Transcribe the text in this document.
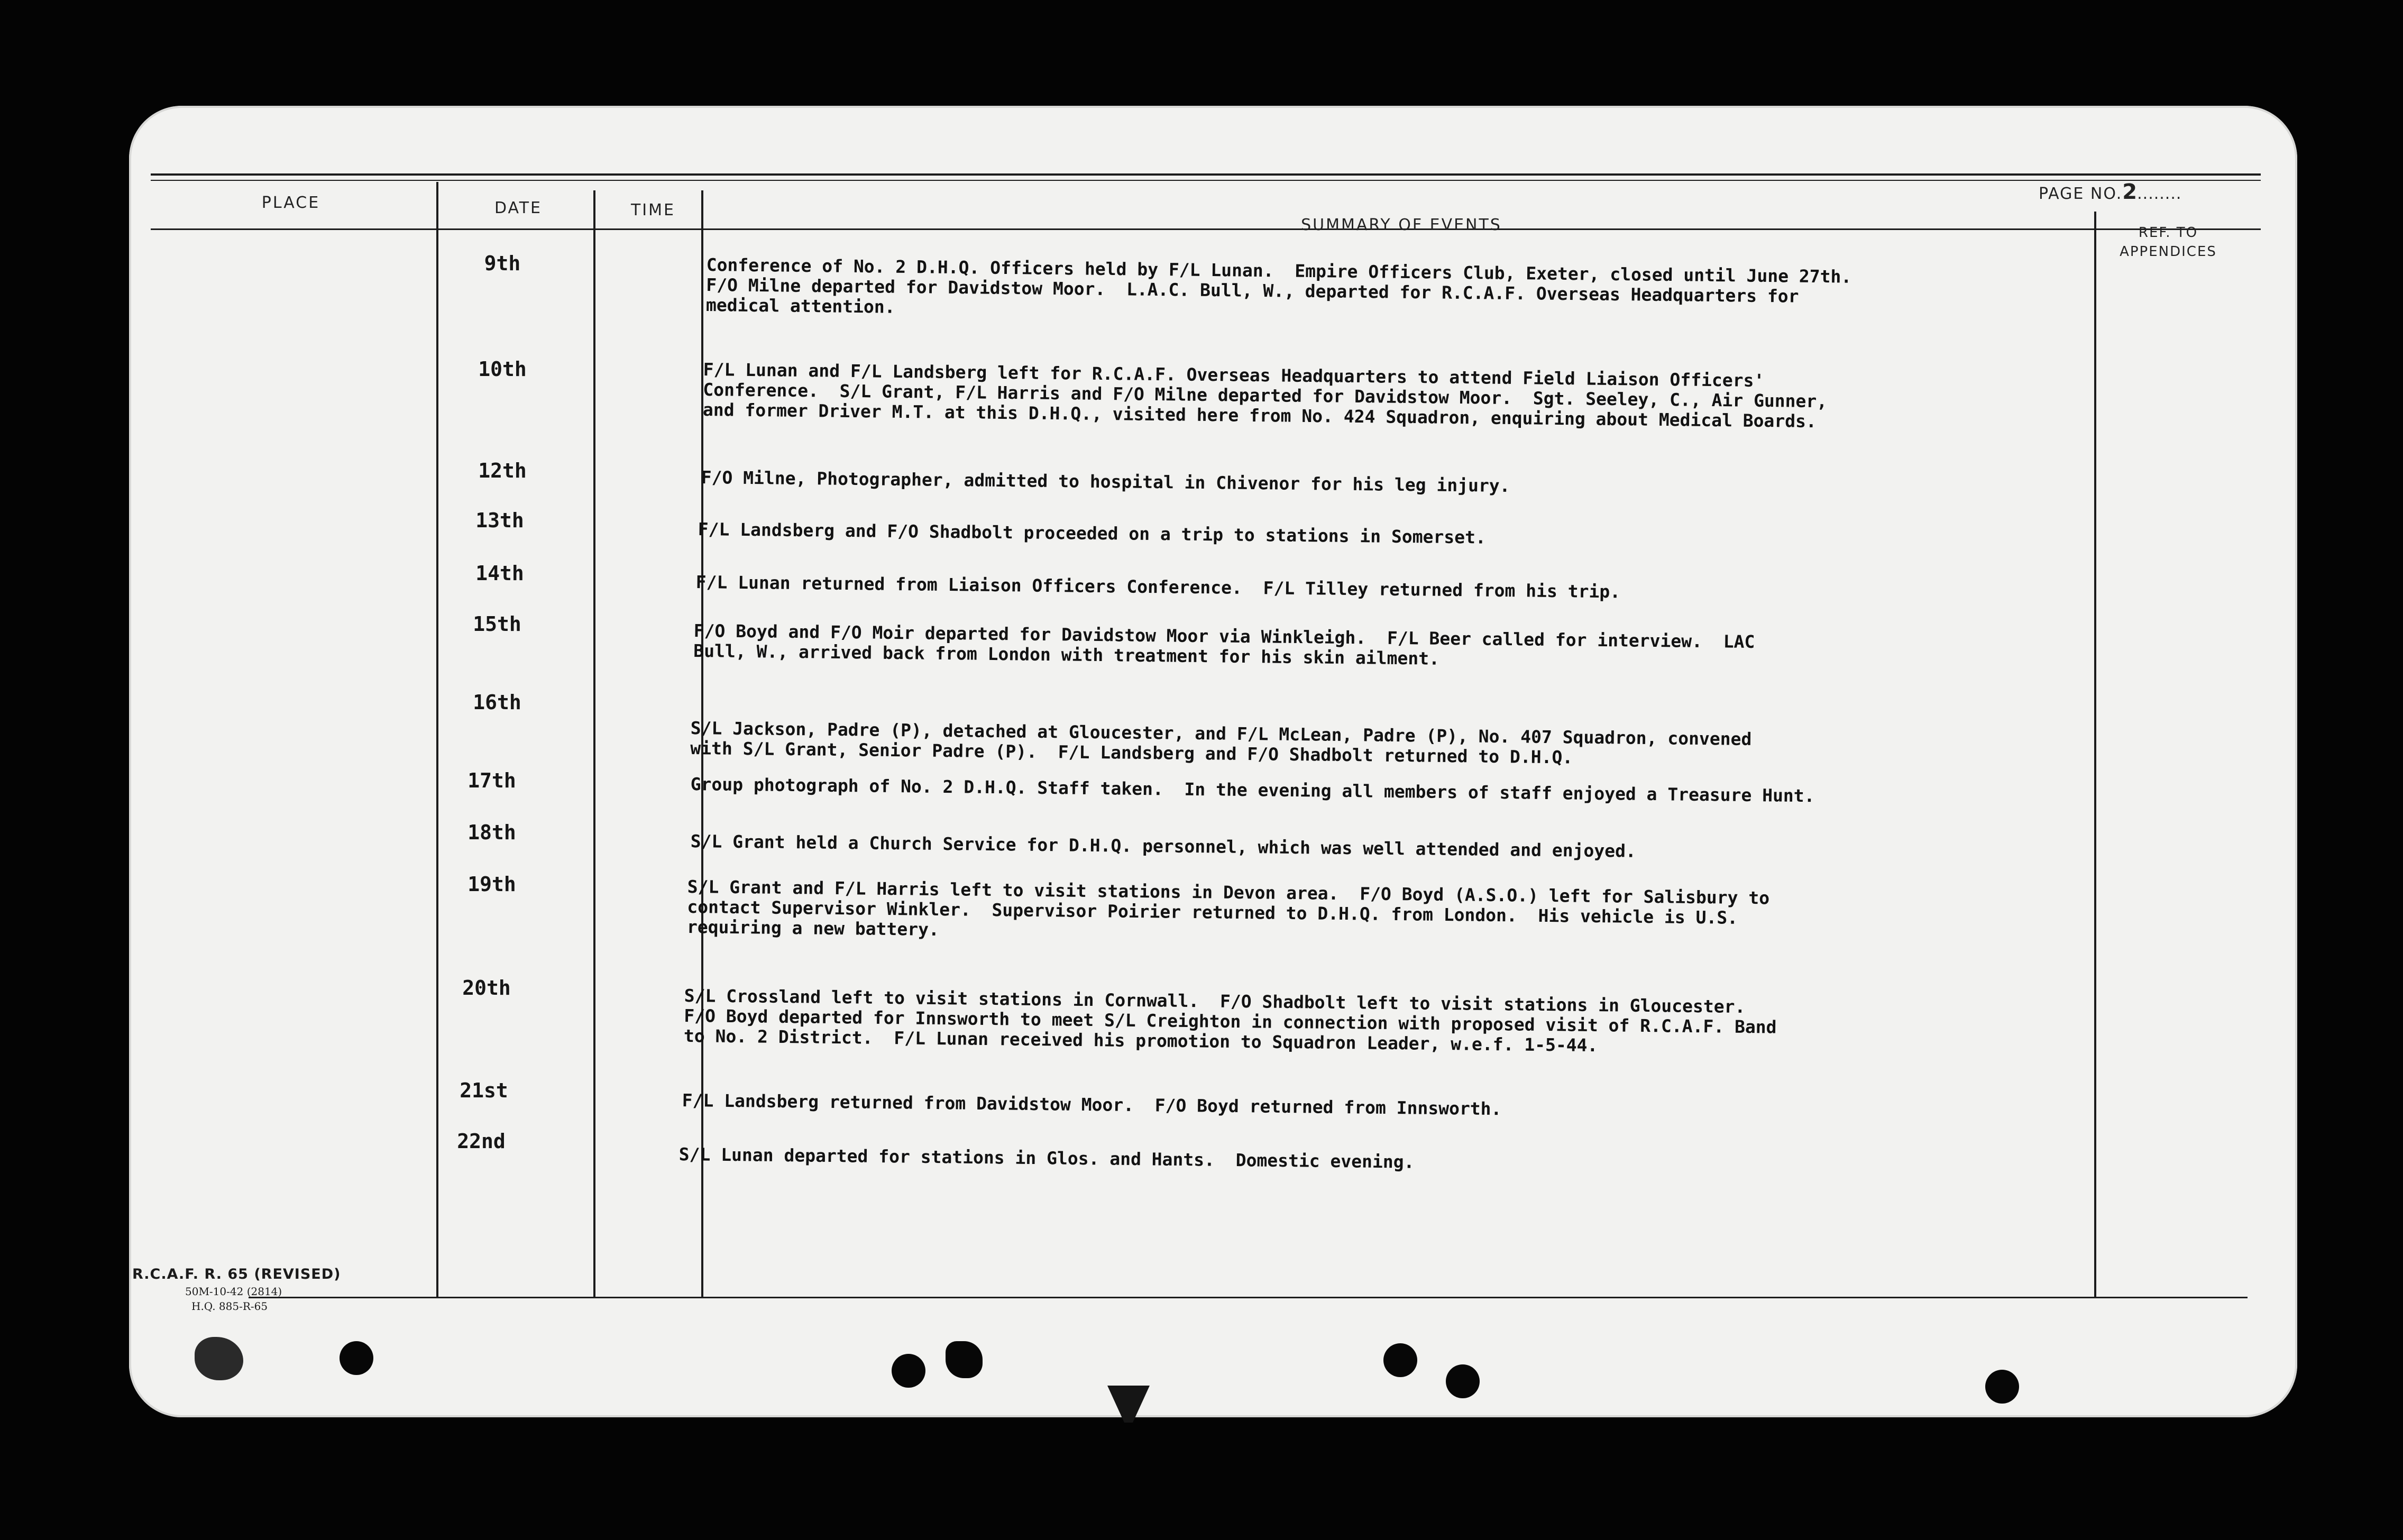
PLACE	DATE	TIME
SUMMARY OF EVENTS
PAGE NO.2........
REF. TO APPENDICES
9th
10th
12th
13th
14th
15th
16th
17th
18th
19th
20th
21st
22nd
Conference of No. 2 D.H.Q. Officers held by F/L Lunan.  Empire Officers Club, Exeter, closed until June 27th.
F/O Milne departed for Davidstow Moor.  L.A.C. Bull, W., departed for R.C.A.F. Overseas Headquarters for
medical attention.
F/L Lunan and F/L Landsberg left for R.C.A.F. Overseas Headquarters to attend Field Liaison Officers'
Conference.  S/L Grant, F/L Harris and F/O Milne departed for Davidstow Moor.  Sgt. Seeley, C., Air Gunner,
and former Driver M.T. at this D.H.Q., visited here from No. 424 Squadron, enquiring about Medical Boards.
F/O Milne, Photographer, admitted to hospital in Chivenor for his leg injury.
F/L Landsberg and F/O Shadbolt proceeded on a trip to stations in Somerset.
F/L Lunan returned from Liaison Officers Conference.  F/L Tilley returned from his trip.
F/O Boyd and F/O Moir departed for Davidstow Moor via Winkleigh.  F/L Beer called for interview.  LAC
Bull, W., arrived back from London with treatment for his skin ailment.
S/L Jackson, Padre (P), detached at Gloucester, and F/L McLean, Padre (P), No. 407 Squadron, convened
with S/L Grant, Senior Padre (P).  F/L Landsberg and F/O Shadbolt returned to D.H.Q.
Group photograph of No. 2 D.H.Q. Staff taken.  In the evening all members of staff enjoyed a Treasure Hunt.
S/L Grant held a Church Service for D.H.Q. personnel, which was well attended and enjoyed.
S/L Grant and F/L Harris left to visit stations in Devon area.  F/O Boyd (A.S.O.) left for Salisbury to
contact Supervisor Winkler.  Supervisor Poirier returned to D.H.Q. from London.  His vehicle is U.S.
requiring a new battery.
S/L Crossland left to visit stations in Cornwall.  F/O Shadbolt left to visit stations in Gloucester.
F/O Boyd departed for Innsworth to meet S/L Creighton in connection with proposed visit of R.C.A.F. Band
to No. 2 District.  F/L Lunan received his promotion to Squadron Leader, w.e.f. 1-5-44.
F/L Landsberg returned from Davidstow Moor.  F/O Boyd returned from Innsworth.
S/L Lunan departed for stations in Glos. and Hants.  Domestic evening.
R.C.A.F. R. 65 (REVISED)
50M-10-42 (2814)
H.Q. 885-R-65
